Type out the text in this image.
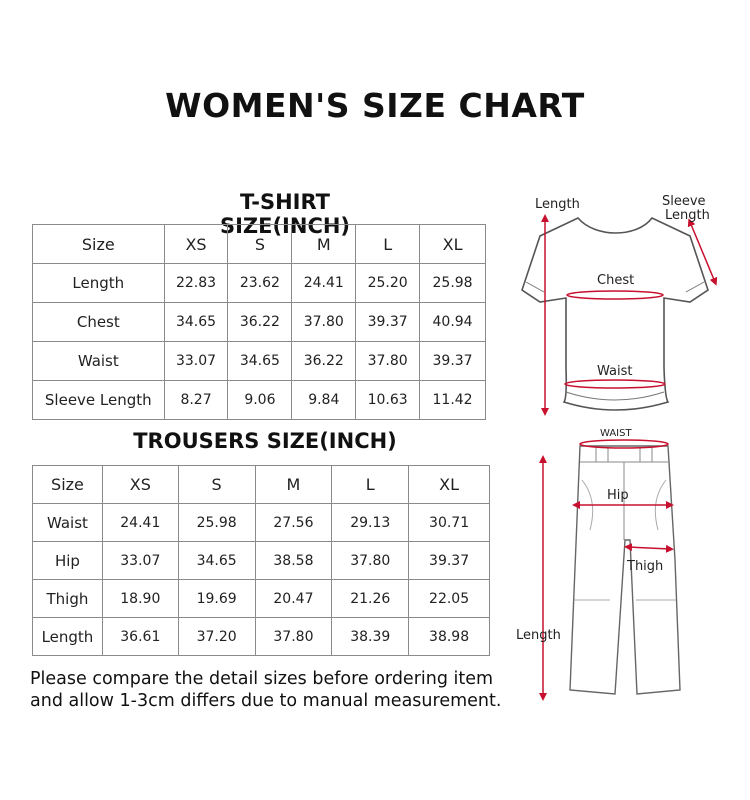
WOMEN'S SIZE CHART
T-SHIRT SIZE(INCH)
Size	XS	S	M	L	XL
Length	22.83	23.62	24.41	25.20	25.98
Chest	34.65	36.22	37.80	39.37	40.94
Waist	33.07	34.65	36.22	37.80	39.37
Sleeve Length	8.27	9.06	9.84	10.63	11.42
TROUSERS SIZE(INCH)
Size	XS	S	M	L	XL
Waist	24.41	25.98	27.56	29.13	30.71
Hip	33.07	34.65	38.58	37.80	39.37
Thigh	18.90	19.69	20.47	21.26	22.05
Length	36.61	37.20	37.80	38.39	38.98
Please compare the detail sizes before ordering item
and allow 1-3cm differs due to manual measurement.
Length	Sleeve
Length
Chest
Waist
WAIST
Hip
Thigh
Length
